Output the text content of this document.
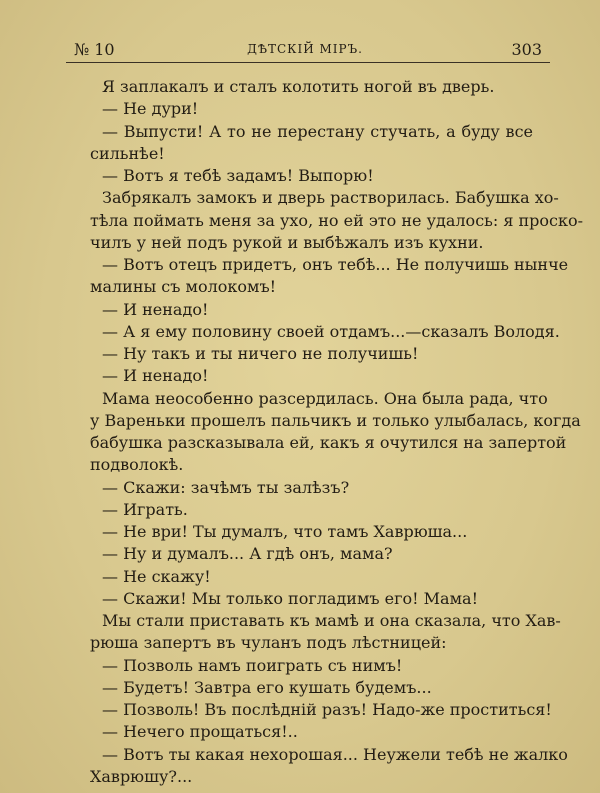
№ 10	ДѢТСКІЙ МІРЪ.	303
Я заплакалъ и сталъ колотить ногой въ дверь.
— Не дури!
— Выпусти! А то не перестану стучать, а буду все
сильнѣе!
— Вотъ я тебѣ задамъ! Выпорю!
Забрякалъ замокъ и дверь растворилась. Бабушка хо-
тѣла поймать меня за ухо, но ей это не удалось: я проско-
чилъ у ней подъ рукой и выбѣжалъ изъ кухни.
— Вотъ отецъ придетъ, онъ тебѣ... Не получишь нынче
малины съ молокомъ!
— И ненадо!
— А я ему половину своей отдамъ...—сказалъ Володя.
— Ну такъ и ты ничего не получишь!
— И ненадо!
Мама неособенно разсердилась. Она была рада, что
у Вареньки прошелъ пальчикъ и только улыбалась, когда
бабушка разсказывала ей, какъ я очутился на запертой
подволокѣ.
— Скажи: зачѣмъ ты залѣзъ?
— Играть.
— Не ври! Ты думалъ, что тамъ Хаврюша...
— Ну и думалъ... А гдѣ онъ, мама?
— Не скажу!
— Скажи! Мы только погладимъ его! Мама!
Мы стали приставать къ мамѣ и она сказала, что Хав-
рюша запертъ въ чуланъ подъ лѣстницей:
— Позволь намъ поиграть съ нимъ!
— Будетъ! Завтра его кушать будемъ...
— Позволь! Въ послѣдній разъ! Надо-же проститься!
— Нечего прощаться!..
— Вотъ ты какая нехорошая... Неужели тебѣ не жалко
Хаврюшу?...
